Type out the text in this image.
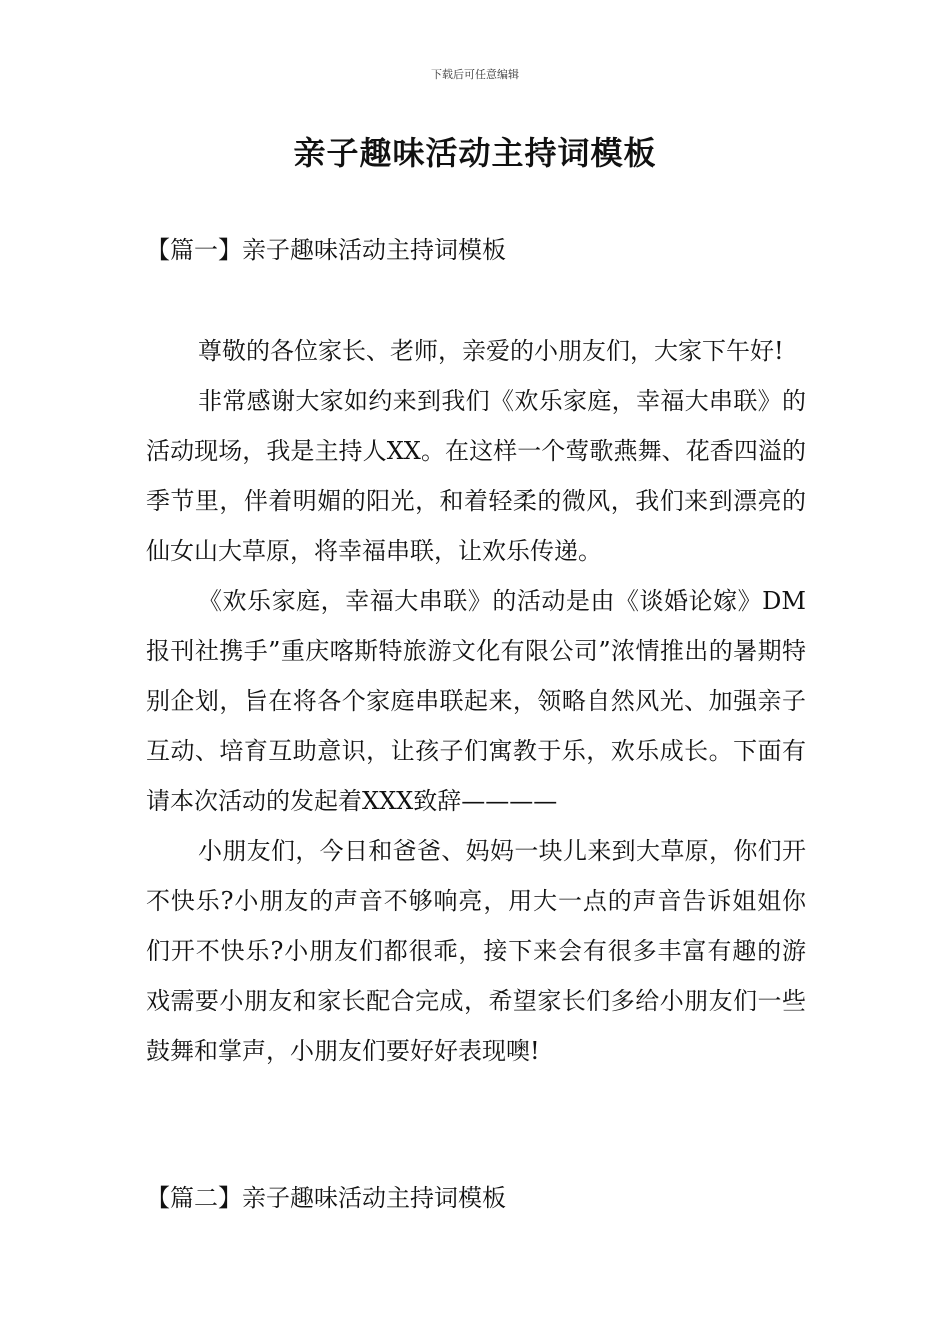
下载后可任意编辑
亲子趣味活动主持词模板
【篇一】亲子趣味活动主持词模板

尊敬的各位家长、老师，亲爱的小朋友们，大家下午好!

非常感谢大家如约来到我们《欢乐家庭，幸福大串联》的活动现场，我是主持人XX。在这样一个莺歌燕舞、花香四溢的季节里，伴着明媚的阳光，和着轻柔的微风，我们来到漂亮的仙女山大草原，将幸福串联，让欢乐传递。

《欢乐家庭，幸福大串联》的活动是由《谈婚论嫁》DM报刊社携手”重庆喀斯特旅游文化有限公司”浓情推出的暑期特别企划，旨在将各个家庭串联起来，领略自然风光、加强亲子互动、培育互助意识，让孩子们寓教于乐，欢乐成长。下面有请本次活动的发起着XXX致辞————

小朋友们，今日和爸爸、妈妈一块儿来到大草原，你们开不快乐?小朋友的声音不够响亮，用大一点的声音告诉姐姐你们开不快乐?小朋友们都很乖，接下来会有很多丰富有趣的游戏需要小朋友和家长配合完成，希望家长们多给小朋友们一些鼓舞和掌声，小朋友们要好好表现噢!

【篇二】亲子趣味活动主持词模板
